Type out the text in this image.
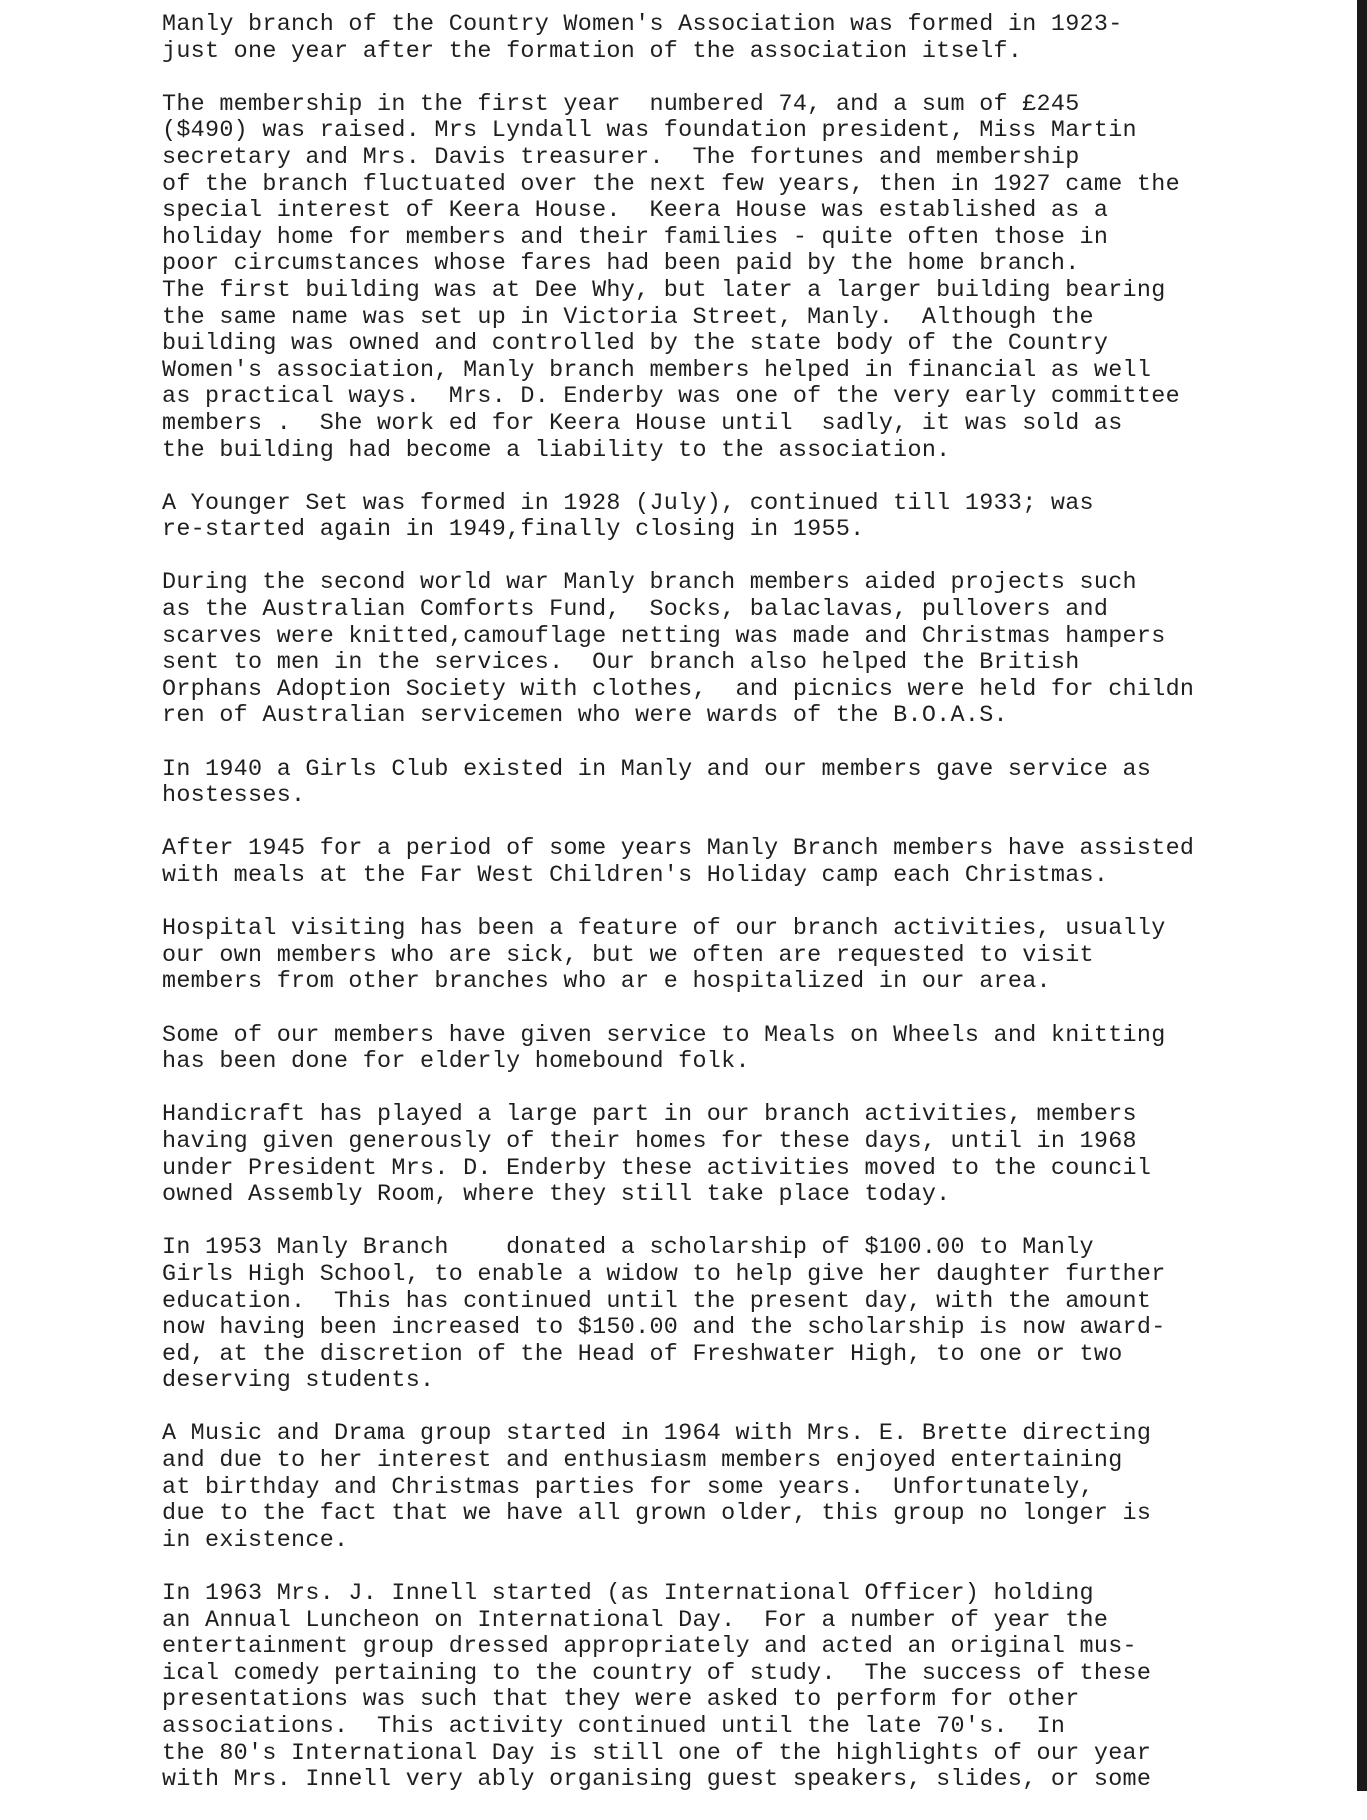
Manly branch of the Country Women's Association was formed in 1923-
just one year after the formation of the association itself.

The membership in the first year  numbered 74, and a sum of £245
($490) was raised. Mrs Lyndall was foundation president, Miss Martin
secretary and Mrs. Davis treasurer.  The fortunes and membership
of the branch fluctuated over the next few years, then in 1927 came the
special interest of Keera House.  Keera House was established as a
holiday home for members and their families - quite often those in
poor circumstances whose fares had been paid by the home branch.
The first building was at Dee Why, but later a larger building bearing
the same name was set up in Victoria Street, Manly.  Although the
building was owned and controlled by the state body of the Country
Women's association, Manly branch members helped in financial as well
as practical ways.  Mrs. D. Enderby was one of the very early committee
members .  She work ed for Keera House until  sadly, it was sold as
the building had become a liability to the association.

A Younger Set was formed in 1928 (July), continued till 1933; was
re-started again in 1949,finally closing in 1955.

During the second world war Manly branch members aided projects such
as the Australian Comforts Fund,  Socks, balaclavas, pullovers and
scarves were knitted,camouflage netting was made and Christmas hampers
sent to men in the services.  Our branch also helped the British
Orphans Adoption Society with clothes,  and picnics were held for childn
ren of Australian servicemen who were wards of the B.O.A.S.

In 1940 a Girls Club existed in Manly and our members gave service as
hostesses.

After 1945 for a period of some years Manly Branch members have assisted
with meals at the Far West Children's Holiday camp each Christmas.

Hospital visiting has been a feature of our branch activities, usually
our own members who are sick, but we often are requested to visit
members from other branches who ar e hospitalized in our area.

Some of our members have given service to Meals on Wheels and knitting
has been done for elderly homebound folk.

Handicraft has played a large part in our branch activities, members
having given generously of their homes for these days, until in 1968
under President Mrs. D. Enderby these activities moved to the council
owned Assembly Room, where they still take place today.

In 1953 Manly Branch    donated a scholarship of $100.00 to Manly
Girls High School, to enable a widow to help give her daughter further
education.  This has continued until the present day, with the amount
now having been increased to $150.00 and the scholarship is now award-
ed, at the discretion of the Head of Freshwater High, to one or two
deserving students.

A Music and Drama group started in 1964 with Mrs. E. Brette directing
and due to her interest and enthusiasm members enjoyed entertaining
at birthday and Christmas parties for some years.  Unfortunately,
due to the fact that we have all grown older, this group no longer is
in existence.

In 1963 Mrs. J. Innell started (as International Officer) holding
an Annual Luncheon on International Day.  For a number of year the
entertainment group dressed appropriately and acted an original mus-
ical comedy pertaining to the country of study.  The success of these
presentations was such that they were asked to perform for other
associations.  This activity continued until the late 70's.  In
the 80's International Day is still one of the highlights of our year
with Mrs. Innell very ably organising guest speakers, slides, or some
